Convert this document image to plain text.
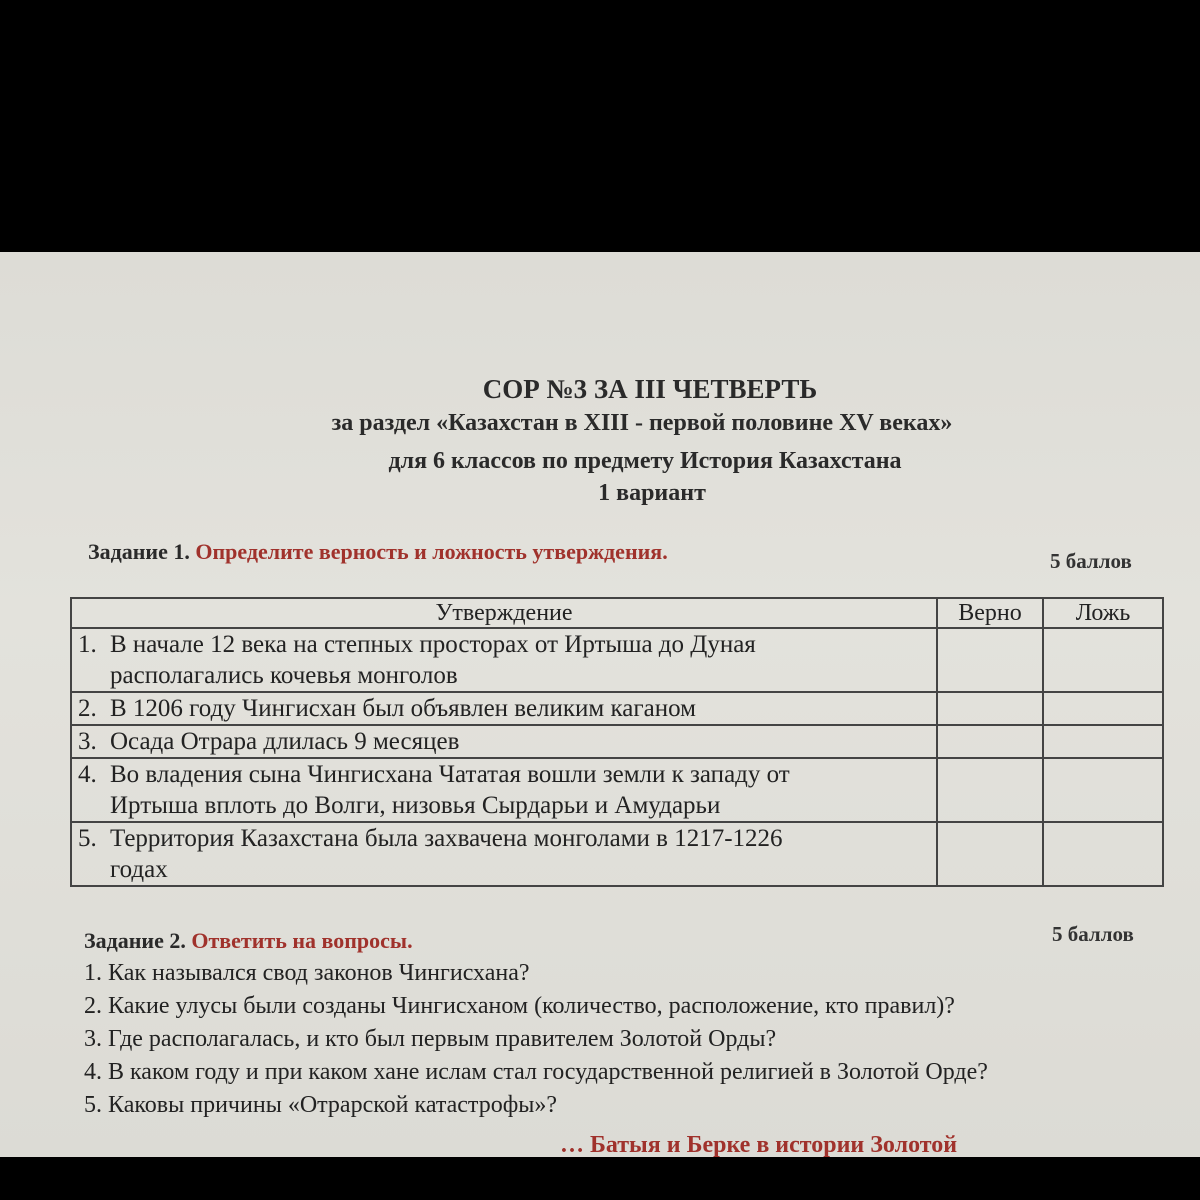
СОР №3 ЗА III ЧЕТВЕРТЬ
за раздел «Казахстан в XIII - первой половине XV веках»
для 6 классов по предмету История Казахстана
1 вариант
Задание 1. Определите верность и ложность утверждения.	5 баллов
Утверждение	Верно	Ложь

1. В начале 12 века на степных просторах от Иртыша до Дуная
располагались кочевья монголов		

2. В 1206 году Чингисхан был объявлен великим каганом		

3. Осада Отрара длилась 9 месяцев		

4. Во владения сына Чингисхана Чататая вошли земли к западу от
Иртыша вплоть до Волги, низовья Сырдарьи и Амударьи		

5. Территория Казахстана была захвачена монголами в 1217-1226
годах		

5 баллов
Задание 2. Ответить на вопросы.
1. Как назывался свод законов Чингисхана?
2. Какие улусы были созданы Чингисханом (количество, расположение, кто правил)?
3. Где располагалась, и кто был первым правителем Золотой Орды?
4. В каком году и при каком хане ислам стал государственной религией в Золотой Орде?
5. Каковы причины «Отрарской катастрофы»?
… Батыя и Берке в истории Золотой
